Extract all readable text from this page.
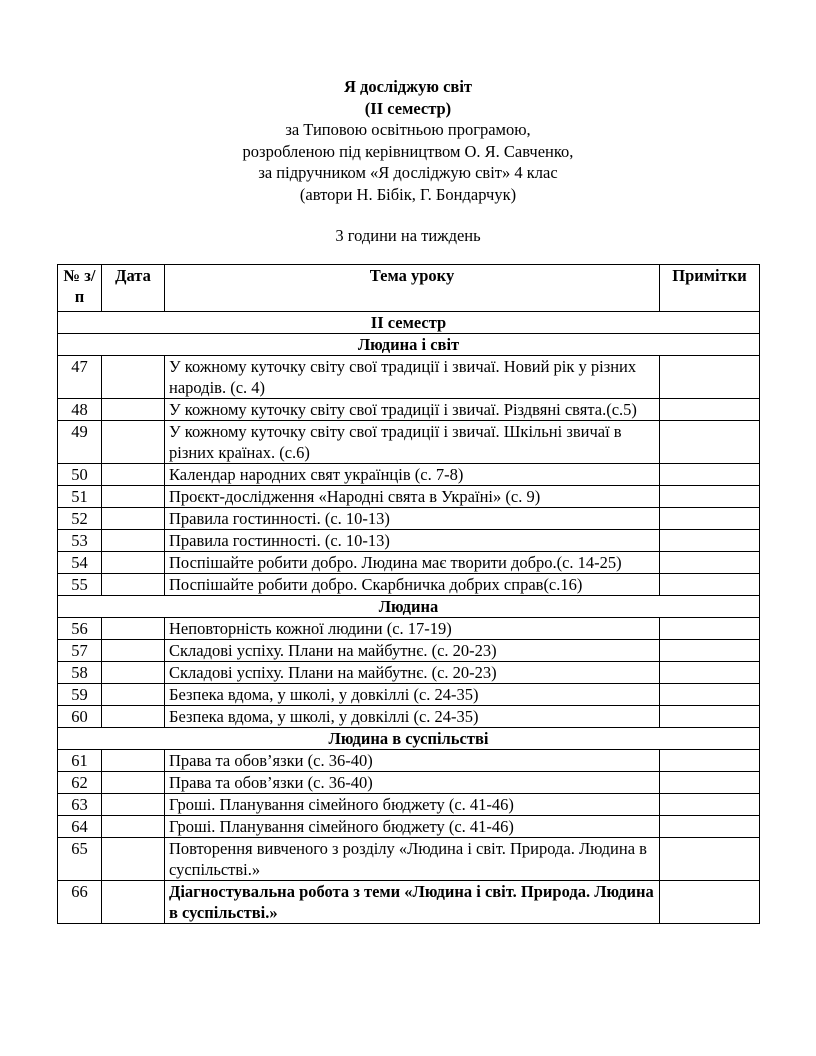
Я досліджую світ
(ІІ семестр)
за Типовою освітньою програмою,
розробленою під керівництвом О. Я. Савченко,
за підручником «Я досліджую світ» 4 клас
(автори Н. Бібік, Г. Бондарчук)
3 години на тиждень
№ з/п	Дата	Тема уроку	Примітки
ІІ семестр			
Людина і світ			
47		У кожному куточку світу свої традиції і звичаї. Новий рік у різних народів. (с. 4)	
48		У кожному куточку світу свої традиції і звичаї. Різдвяні свята.(с.5)	
49		У кожному куточку світу свої традиції і звичаї. Шкільні звичаї в різних країнах. (с.6)	
50		Календар народних свят українців (с. 7-8)	
51		Проєкт-дослідження «Народні свята в Україні» (с. 9)	
52		Правила гостинності. (с. 10-13)	
53		Правила гостинності. (с. 10-13)	
54		Поспішайте робити добро. Людина має творити добро.(с. 14-25)	
55		Поспішайте робити добро. Скарбничка добрих справ(с.16)	
Людина			
56		Неповторність кожної людини (с. 17-19)	
57		Складові успіху. Плани на майбутнє. (с. 20-23)	
58		Складові успіху. Плани на майбутнє. (с. 20-23)	
59		Безпека вдома, у школі, у довкіллі (с. 24-35)	
60		Безпека вдома, у школі, у довкіллі (с. 24-35)	
Людина в суспільстві			
61		Права та обов’язки (с. 36-40)	
62		Права та обов’язки (с. 36-40)	
63		Гроші. Планування сімейного бюджету (с. 41-46)	
64		Гроші. Планування сімейного бюджету (с. 41-46)	
65		Повторення вивченого з розділу «Людина і світ. Природа. Людина в суспільстві.»	
66		Діагностувальна робота з теми «Людина і світ. Природа. Людина в суспільстві.»	
